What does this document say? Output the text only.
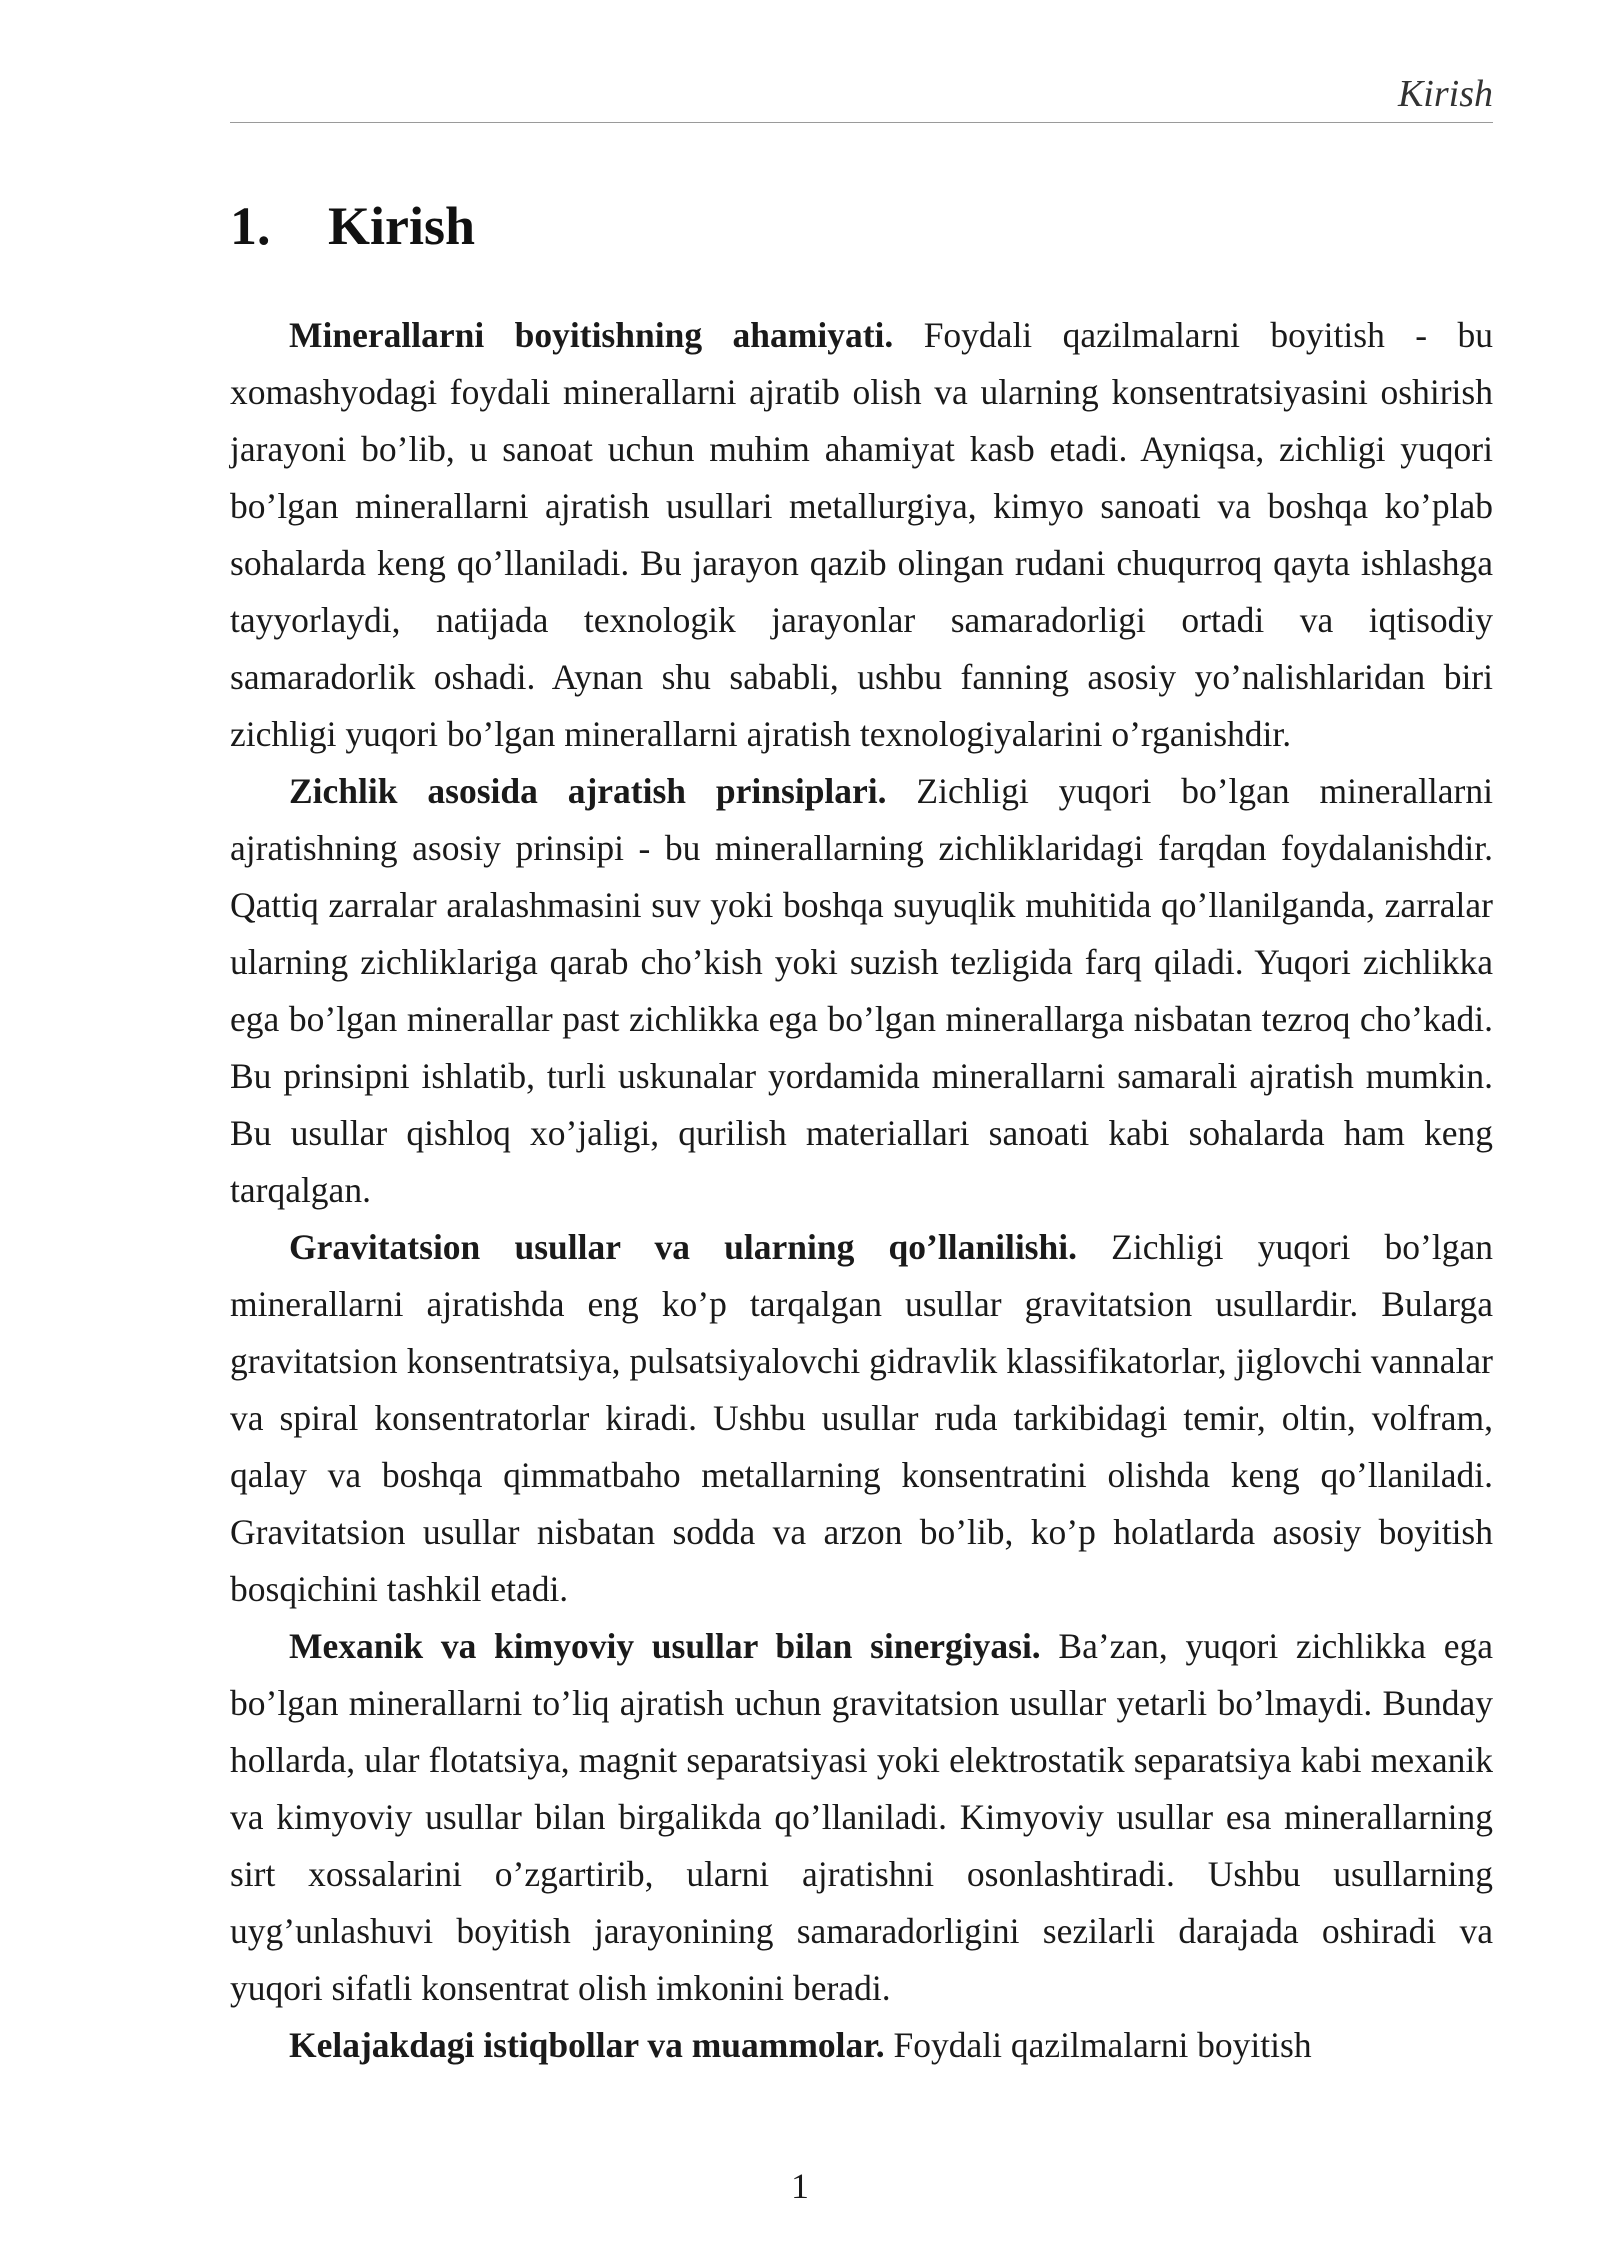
Kirish
1. Kirish

Minerallarni boyitishning ahamiyati. Foydali qazilmalarni boyitish - bu xomashyodagi foydali minerallarni ajratib olish va ularning konsentratsiyasini oshirish jarayoni bo’lib, u sanoat uchun muhim ahamiyat kasb etadi. Ayniqsa, zichligi yuqori bo’lgan minerallarni ajratish usullari metallurgiya, kimyo sanoati va boshqa ko’plab sohalarda keng qo’llaniladi. Bu jarayon qazib olingan rudani chuqurroq qayta ishlashga tayyorlaydi, natijada texnologik jarayonlar samaradorligi ortadi va iqtisodiy samaradorlik oshadi. Aynan shu sababli, ushbu fanning asosiy yo’nalishlaridan biri zichligi yuqori bo’lgan minerallarni ajratish texnologiyalarini o’rganishdir.

Zichlik asosida ajratish prinsiplari. Zichligi yuqori bo’lgan minerallarni ajratishning asosiy prinsipi - bu minerallarning zichliklaridagi farqdan foydalanishdir. Qattiq zarralar aralashmasini suv yoki boshqa suyuqlik muhitida qo’llanilganda, zarralar ularning zichliklariga qarab cho’kish yoki suzish tezligida farq qiladi. Yuqori zichlikka ega bo’lgan minerallar past zichlikka ega bo’lgan minerallarga nisbatan tezroq cho’kadi. Bu prinsipni ishlatib, turli uskunalar yordamida minerallarni samarali ajratish mumkin. Bu usullar qishloq xo’jaligi, qurilish materiallari sanoati kabi sohalarda ham keng tarqalgan.

Gravitatsion usullar va ularning qo’llanilishi. Zichligi yuqori bo’lgan minerallarni ajratishda eng ko’p tarqalgan usullar gravitatsion usullardir. Bularga gravitatsion konsentratsiya, pulsatsiyalovchi gidravlik klassifikatorlar, jiglovchi vannalar va spiral konsentratorlar kiradi. Ushbu usullar ruda tarkibidagi temir, oltin, volfram, qalay va boshqa qimmatbaho metallarning konsentratini olishda keng qo’llaniladi. Gravitatsion usullar nisbatan sodda va arzon bo’lib, ko’p holatlarda asosiy boyitish bosqichini tashkil etadi.

Mexanik va kimyoviy usullar bilan sinergiyasi. Ba’zan, yuqori zichlikka ega bo’lgan minerallarni to’liq ajratish uchun gravitatsion usullar yetarli bo’lmaydi. Bunday hollarda, ular flotatsiya, magnit separatsiyasi yoki elektrostatik separatsiya kabi mexanik va kimyoviy usullar bilan birgalikda qo’llaniladi. Kimyoviy usullar esa minerallarning sirt xossalarini o’zgartirib, ularni ajratishni osonlashtiradi. Ushbu usullarning uyg’unlashuvi boyitish jarayonining samaradorligini sezilarli darajada oshiradi va yuqori sifatli konsentrat olish imkonini beradi.

Kelajakdagi istiqbollar va muammolar. Foydali qazilmalarni boyitish

1
